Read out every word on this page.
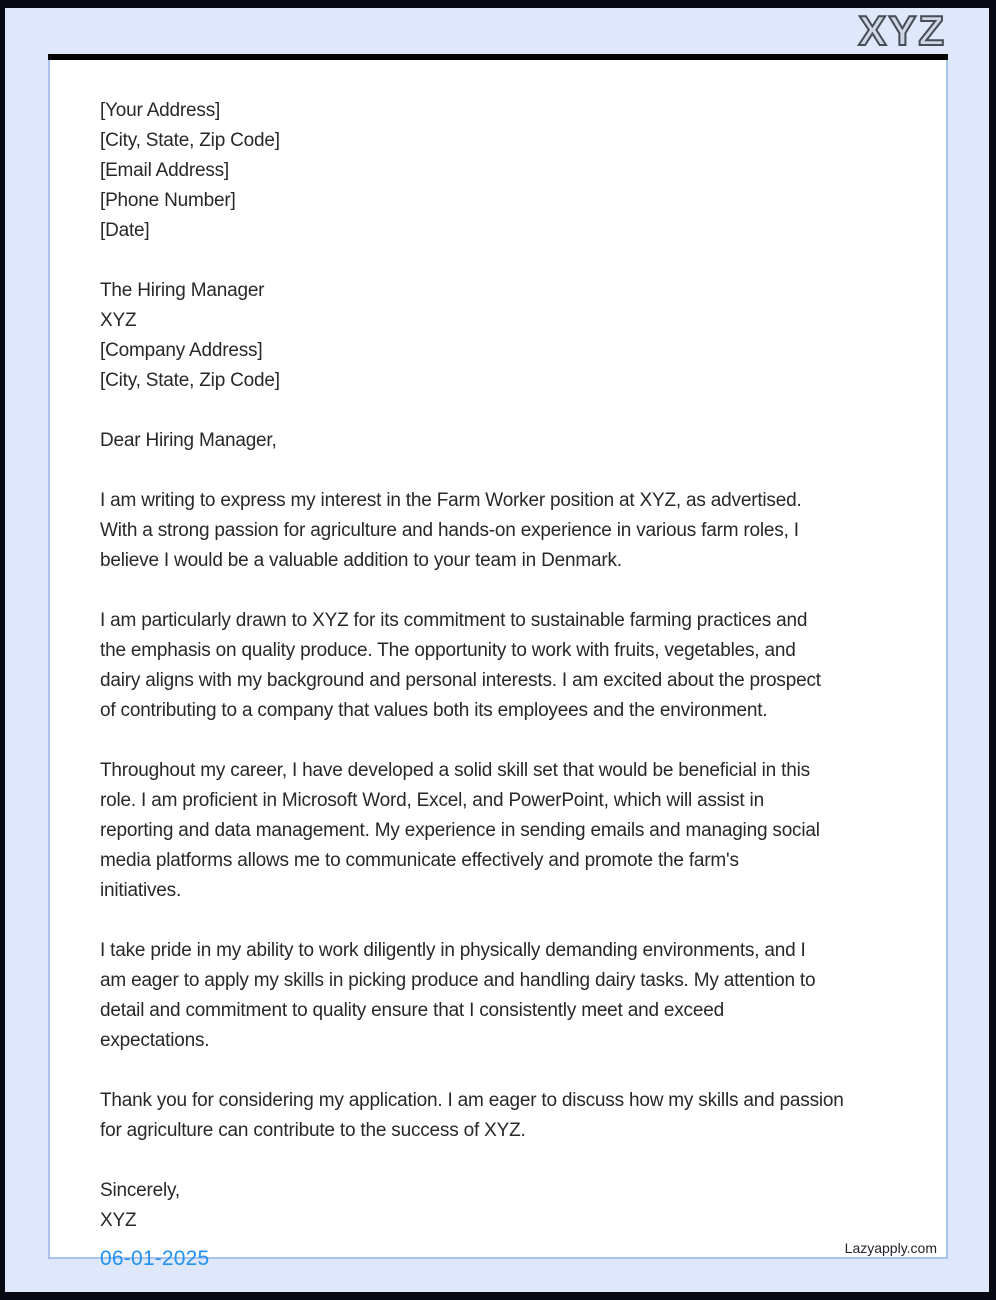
XYZ
[Your Address]
[City, State, Zip Code]
[Email Address]
[Phone Number]
[Date]
The Hiring Manager
XYZ
[Company Address]
[City, State, Zip Code]
Dear Hiring Manager,
I am writing to express my interest in the Farm Worker position at XYZ, as advertised.
With a strong passion for agriculture and hands-on experience in various farm roles, I
believe I would be a valuable addition to your team in Denmark.
I am particularly drawn to XYZ for its commitment to sustainable farming practices and
the emphasis on quality produce. The opportunity to work with fruits, vegetables, and
dairy aligns with my background and personal interests. I am excited about the prospect
of contributing to a company that values both its employees and the environment.
Throughout my career, I have developed a solid skill set that would be beneficial in this
role. I am proficient in Microsoft Word, Excel, and PowerPoint, which will assist in
reporting and data management. My experience in sending emails and managing social
media platforms allows me to communicate effectively and promote the farm's
initiatives.
I take pride in my ability to work diligently in physically demanding environments, and I
am eager to apply my skills in picking produce and handling dairy tasks. My attention to
detail and commitment to quality ensure that I consistently meet and exceed
expectations.
Thank you for considering my application. I am eager to discuss how my skills and passion
for agriculture can contribute to the success of XYZ.
Sincerely,
XYZ
Lazyapply.com
06-01-2025
